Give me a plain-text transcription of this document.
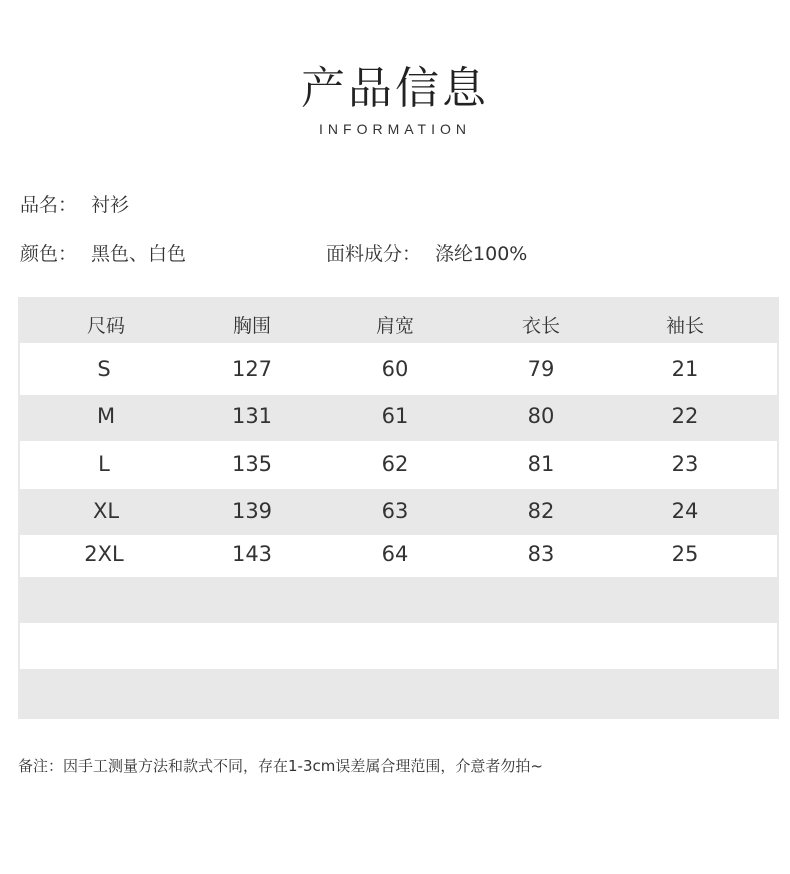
产品信息
INFORMATION
品名： 衬衫
颜色： 黑色、白色	面料成分： 涤纶100%
尺码	胸围	肩宽	衣长	袖长
S	127	60	79	21
M	131	61	80	22
L	135	62	81	23
XL	139	63	82	24
2XL	143	64	83	25
备注：因手工测量方法和款式不同，存在1-3cm误差属合理范围，介意者勿拍~
